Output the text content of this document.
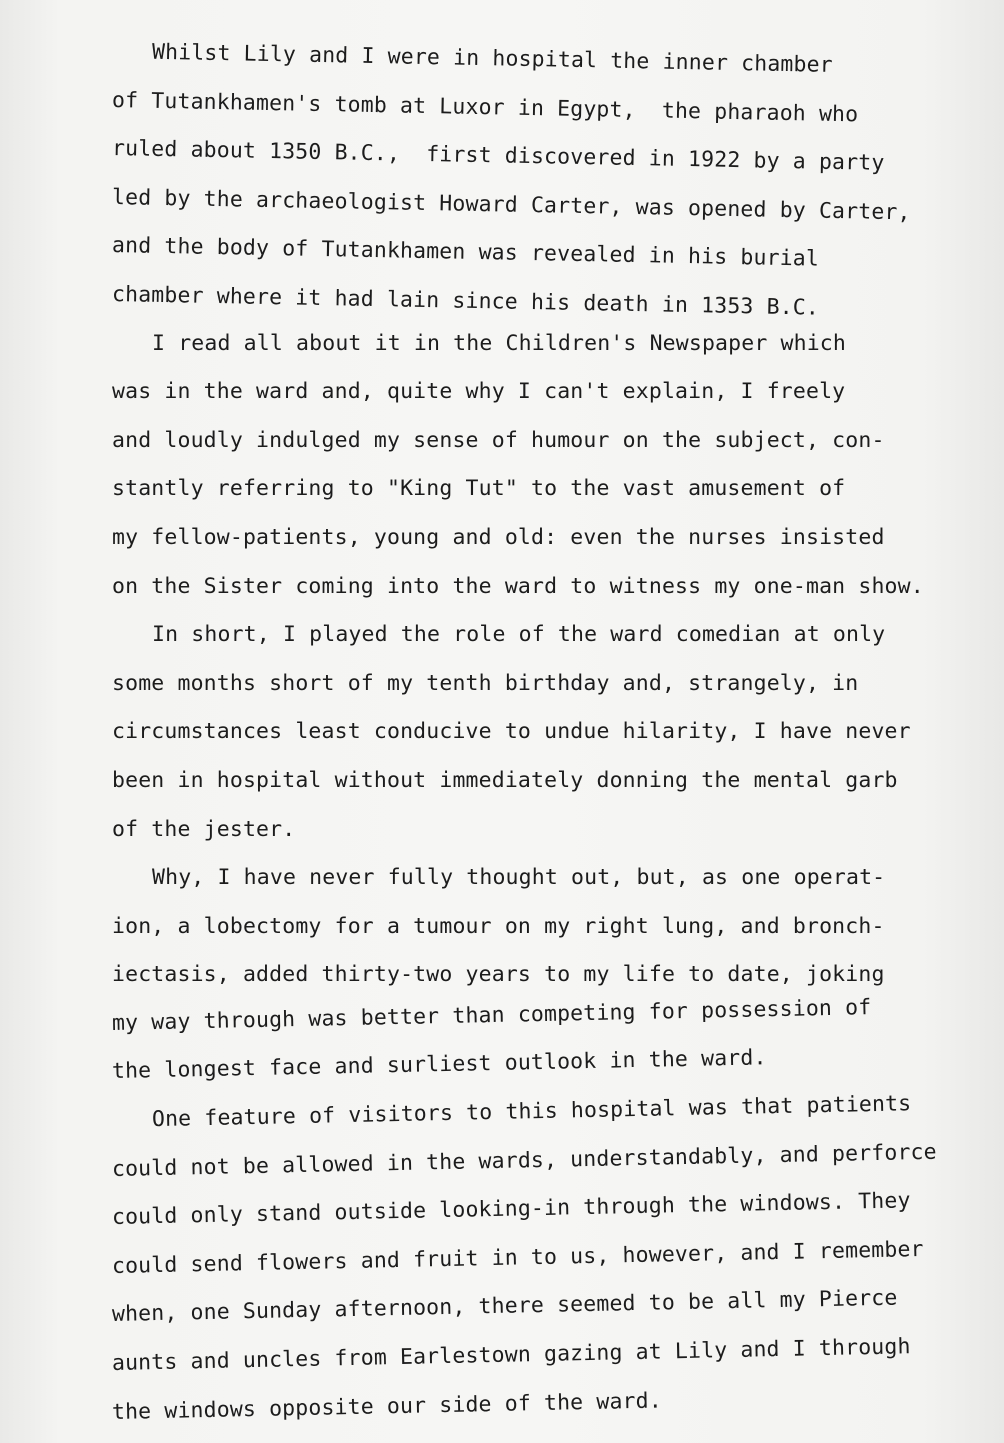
Whilst Lily and I were in hospital the inner chamber
of Tutankhamen's tomb at Luxor in Egypt,  the pharaoh who
ruled about 1350 B.C.,  first discovered in 1922 by a party
led by the archaeologist Howard Carter, was opened by Carter,
and the body of Tutankhamen was revealed in his burial
chamber where it had lain since his death in 1353 B.C.
I read all about it in the Children's Newspaper which
was in the ward and, quite why I can't explain, I freely
and loudly indulged my sense of humour on the subject, con-
stantly referring to "King Tut" to the vast amusement of
my fellow-patients, young and old: even the nurses insisted
on the Sister coming into the ward to witness my one-man show.
In short, I played the role of the ward comedian at only
some months short of my tenth birthday and, strangely, in
circumstances least conducive to undue hilarity, I have never
been in hospital without immediately donning the mental garb
of the jester.
Why, I have never fully thought out, but, as one operat-
ion, a lobectomy for a tumour on my right lung, and bronch-
iectasis, added thirty-two years to my life to date, joking
my way through was better than competing for possession of
the longest face and surliest outlook in the ward.
One feature of visitors to this hospital was that patients
could not be allowed in the wards, understandably, and perforce
could only stand outside looking-in through the windows. They
could send flowers and fruit in to us, however, and I remember
when, one Sunday afternoon, there seemed to be all my Pierce
aunts and uncles from Earlestown gazing at Lily and I through
the windows opposite our side of the ward.
